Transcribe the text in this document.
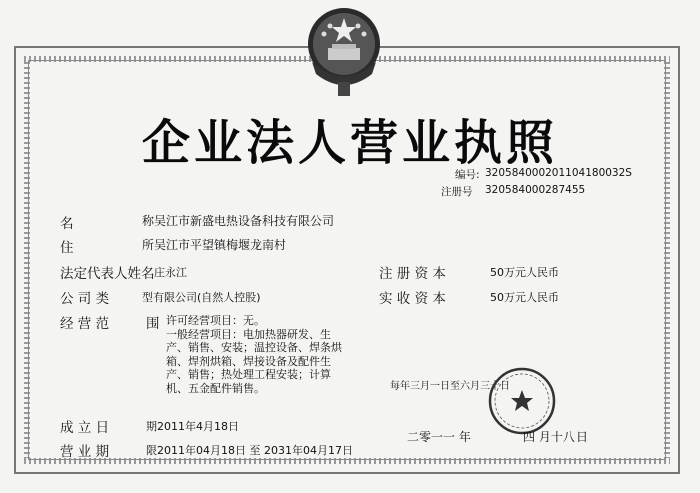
企业法人营业执照
编号: 320584000201104180032S
注册号 320584000287455
名	称吴江市新盛电热设备科技有限公司
住	所吴江市平望镇梅堰龙南村
法定代表人姓名 庄永江
公 司 类	型有限公司(自然人控股)
经 营 范	围 许可经营项目：无。
一般经营项目：电加热器研发、生
产、销售、安装；温控设备、焊条烘
箱、焊剂烘箱、焊接设备及配件生
产、销售；热处理工程安装；计算
机、五金配件销售。
注 册 资 本	50万元人民币
实 收 资 本	50万元人民币
成 立 日	期2011年4月18日
营 业 期	限2011年04月18日 至 2031年04月17日
每年三月一日至六月三十日
二零一一 年	四 月十八 日
